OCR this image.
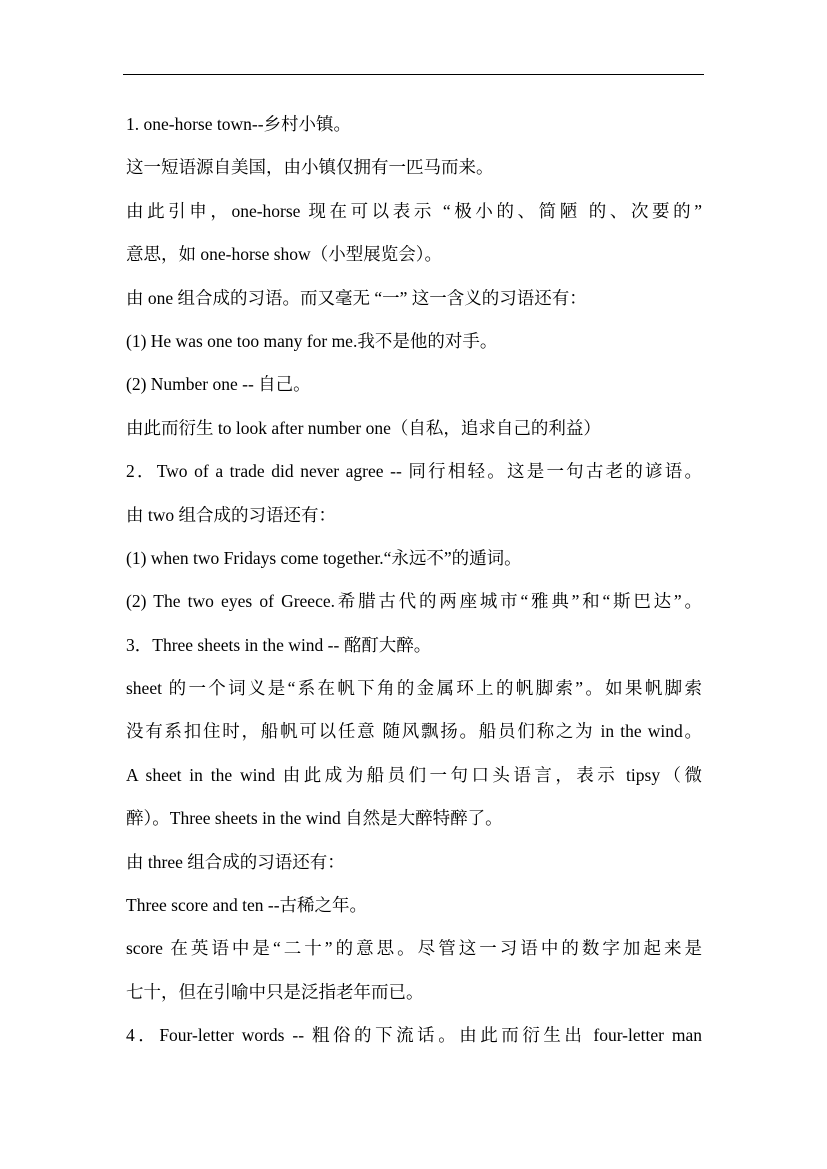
1. one-horse town--乡村小镇。
这一短语源自美国，由小镇仅拥有一匹马而来。
由此引申，one-horse 现在可以表示 “极小的、简陋 的、次要的”
意思，如 one-horse show（小型展览会）。
由 one 组合成的习语。而又毫无 “一” 这一含义的习语还有：
(1) He was one too many for me.我不是他的对手。
(2) Number one -- 自己。
由此而衍生 to look after number one（自私，追求自己的利益）
2．Two of a trade did never agree -- 同行相轻。这是一句古老的谚语。
由 two 组合成的习语还有：
(1) when two Fridays come together.“永远不”的遁词。
(2) The two eyes of Greece.希腊古代的两座城市“雅典”和“斯巴达”。
3．Three sheets in the wind -- 酩酊大醉。
sheet 的一个词义是“系在帆下角的金属环上的帆脚索”。如果帆脚索
没有系扣住时，船帆可以任意 随风飘扬。船员们称之为 in the wind。
A sheet in the wind 由此成为船员们一句口头语言，表示 tipsy（微
醉）。Three sheets in the wind 自然是大醉特醉了。
由 three 组合成的习语还有：
Three score and ten --古稀之年。
score 在英语中是“二十”的意思。尽管这一习语中的数字加起来是
七十，但在引喻中只是泛指老年而已。
4．Four-letter words -- 粗俗的下流话。由此而衍生出 four-letter man
